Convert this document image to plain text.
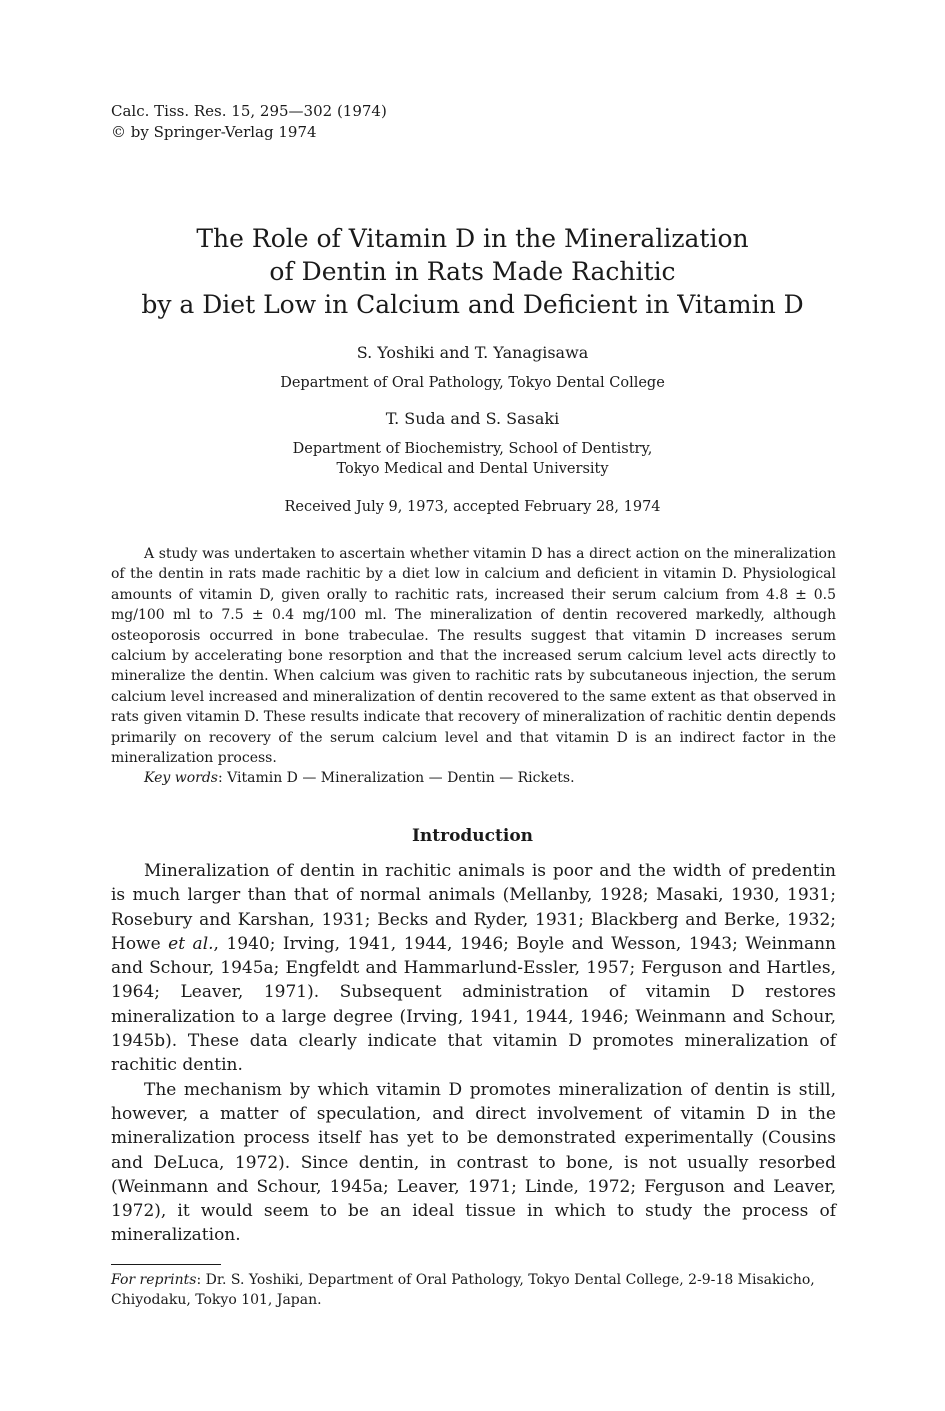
Calc. Tiss. Res. 15, 295—302 (1974)
© by Springer-Verlag 1974
The Role of Vitamin D in the Mineralization
of Dentin in Rats Made Rachitic
by a Diet Low in Calcium and Deficient in Vitamin D
S. Yoshiki and T. Yanagisawa
Department of Oral Pathology, Tokyo Dental College
T. Suda and S. Sasaki
Department of Biochemistry, School of Dentistry,
Tokyo Medical and Dental University
Received July 9, 1973, accepted February 28, 1974

A study was undertaken to ascertain whether vitamin D has a direct action on the mineralization of the dentin in rats made rachitic by a diet low in calcium and deficient in vitamin D. Physiological amounts of vitamin D, given orally to rachitic rats, increased their serum calcium from 4.8 ± 0.5 mg/100 ml to 7.5 ± 0.4 mg/100 ml. The mineralization of dentin recovered markedly, although osteoporosis occurred in bone trabeculae. The results suggest that vitamin D increases serum calcium by accelerating bone resorption and that the increased serum calcium level acts directly to mineralize the dentin. When calcium was given to rachitic rats by subcutaneous injection, the serum calcium level increased and mineralization of dentin recovered to the same extent as that observed in rats given vitamin D. These results indicate that recovery of mineralization of rachitic dentin depends primarily on recovery of the serum calcium level and that vitamin D is an indirect factor in the mineralization process.

Key words: Vitamin D — Mineralization — Dentin — Rickets.

Introduction

Mineralization of dentin in rachitic animals is poor and the width of predentin is much larger than that of normal animals (Mellanby, 1928; Masaki, 1930, 1931; Rosebury and Karshan, 1931; Becks and Ryder, 1931; Blackberg and Berke, 1932; Howe et al., 1940; Irving, 1941, 1944, 1946; Boyle and Wesson, 1943; Weinmann and Schour, 1945a; Engfeldt and Hammarlund-Essler, 1957; Ferguson and Hartles, 1964; Leaver, 1971). Subsequent administration of vitamin D restores mineralization to a large degree (Irving, 1941, 1944, 1946; Weinmann and Schour, 1945b). These data clearly indicate that vitamin D promotes mineralization of rachitic dentin.

The mechanism by which vitamin D promotes mineralization of dentin is still, however, a matter of speculation, and direct involvement of vitamin D in the mineralization process itself has yet to be demonstrated experimentally (Cousins and DeLuca, 1972). Since dentin, in contrast to bone, is not usually resorbed (Weinmann and Schour, 1945a; Leaver, 1971; Linde, 1972; Ferguson and Leaver, 1972), it would seem to be an ideal tissue in which to study the process of mineralization.

For reprints: Dr. S. Yoshiki, Department of Oral Pathology, Tokyo Dental College, 2-9-18 Misakicho, Chiyodaku, Tokyo 101, Japan.
